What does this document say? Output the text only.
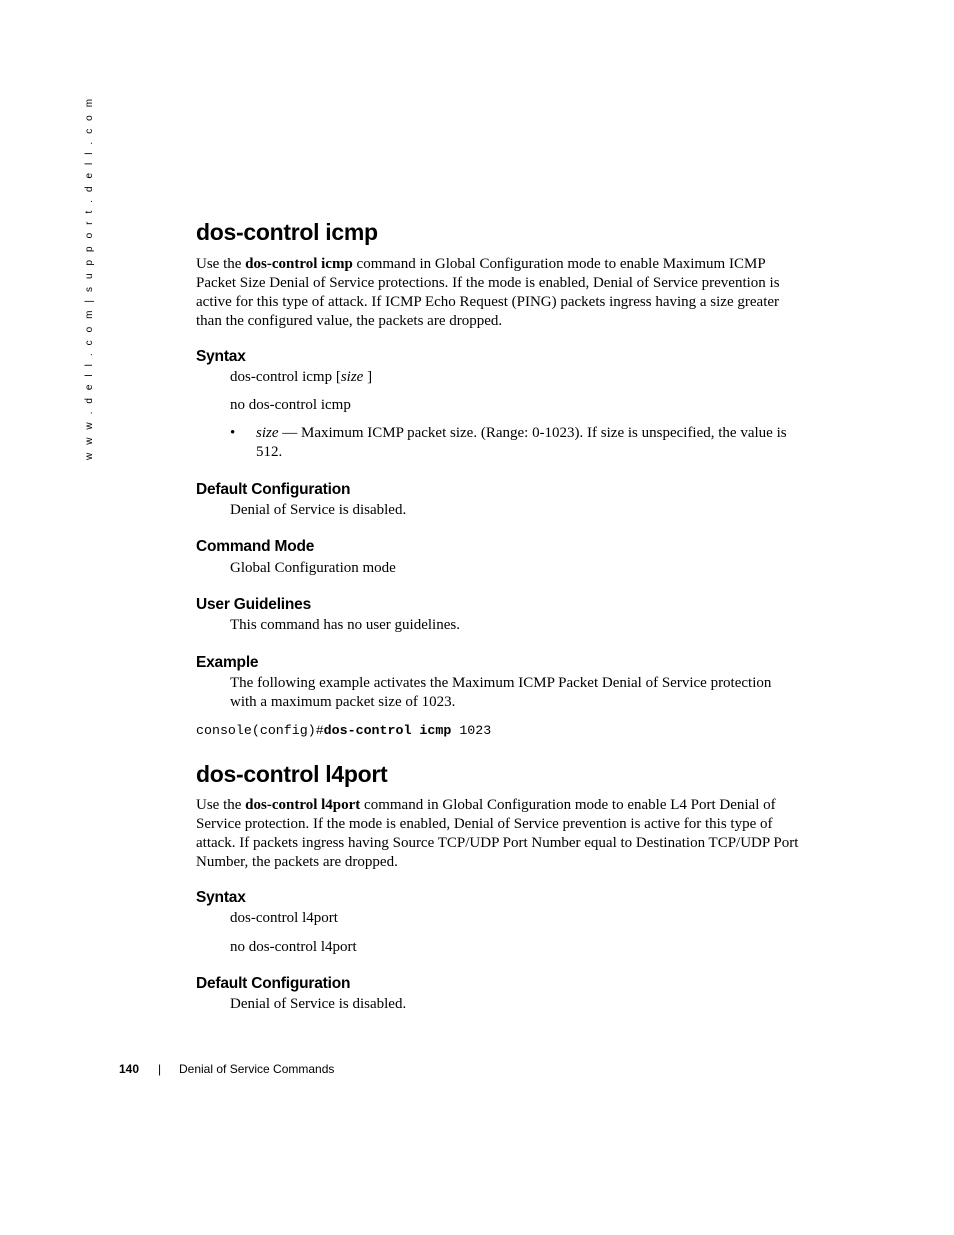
w w w . d e l l . c o m | s u p p o r t . d e l l . c o m	dos-control icmp

Use the dos-control icmp command in Global Configuration mode to enable Maximum ICMP Packet Size Denial of Service protections. If the mode is enabled, Denial of Service prevention is active for this type of attack. If ICMP Echo Request (PING) packets ingress having a size greater than the configured value, the packets are dropped.

Syntax

dos-control icmp [size ]

no dos-control icmp

• size — Maximum ICMP packet size. (Range: 0-1023). If size is unspecified, the value is 512.

Default Configuration

Denial of Service is disabled.

Command Mode

Global Configuration mode

User Guidelines

This command has no user guidelines.

Example

The following example activates the Maximum ICMP Packet Denial of Service protection with a maximum packet size of 1023.

console(config)#dos-control icmp 1023
dos-control l4port

Use the dos-control l4port command in Global Configuration mode to enable L4 Port Denial of Service protection. If the mode is enabled, Denial of Service prevention is active for this type of attack. If packets ingress having Source TCP/UDP Port Number equal to Destination TCP/UDP Port Number, the packets are dropped.

Syntax

dos-control l4port

no dos-control l4port

Default Configuration

Denial of Service is disabled.

140 | Denial of Service Commands
